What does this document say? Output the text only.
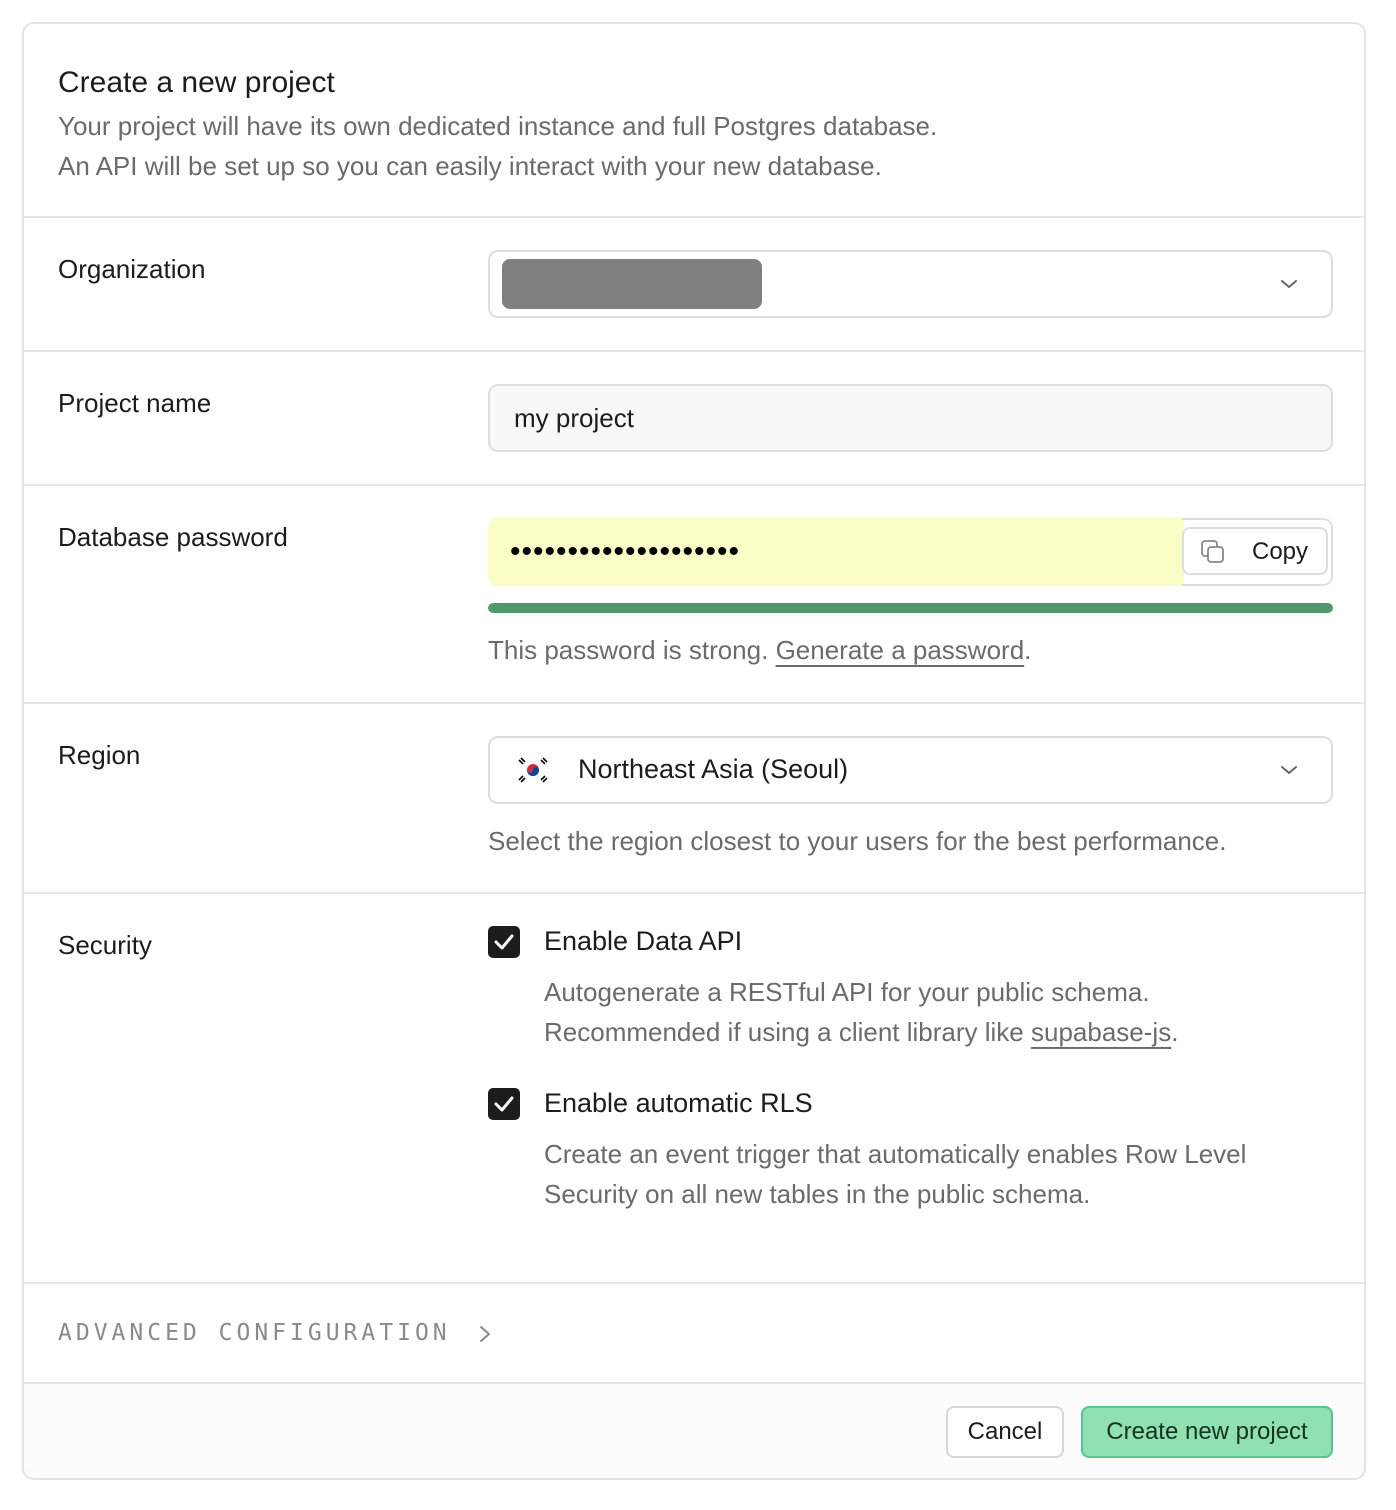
Create a new project
Your project will have its own dedicated instance and full Postgres database.
An API will be set up so you can easily interact with your new database.
Organization
Project name	my project
Database password	••••••••••••••••••••	Copy
This password is strong. Generate a password.
Region	Northeast Asia (Seoul)
Select the region closest to your users for the best performance.
Security	Enable Data API
Autogenerate a RESTful API for your public schema.
Recommended if using a client library like supabase-js.
Enable automatic RLS
Create an event trigger that automatically enables Row Level
Security on all new tables in the public schema.
ADVANCED CONFIGURATION
Cancel	Create new project
